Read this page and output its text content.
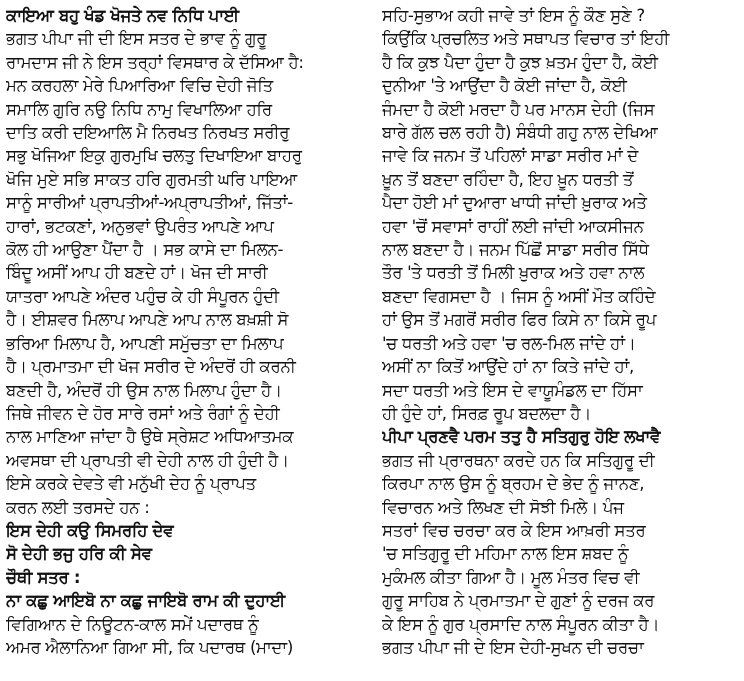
ਕਾਇਆ ਬਹੁ ਖੰਡ ਖੋਜਤੇ ਨਵ ਨਿਧਿ ਪਾਈ
ਭਗਤ ਪੀਪਾ ਜੀ ਦੀ ਇਸ ਸਤਰ ਦੇ ਭਾਵ ਨੂੰ ਗੁਰੂ
ਰਾਮਦਾਸ ਜੀ ਨੇ ਇਸ ਤਰ੍ਹਾਂ ਵਿਸਥਾਰ ਕੇ ਦੱਸਿਆ ਹੈ:
ਮਨ ਕਰਹਲਾ ਮੇਰੇ ਪਿਆਰਿਆ ਵਿਚਿ ਦੇਹੀ ਜੋਤਿ
ਸਮਾਲਿ ਗੁਰਿ ਨਉ ਨਿਧਿ ਨਾਮੁ ਵਿਖਾਲਿਆ ਹਰਿ
ਦਾਤਿ ਕਰੀ ਦਇਆਲਿ ਮੈ ਨਿਰਖਤ ਨਿਰਖਤ ਸਰੀਰੁ
ਸਭੁ ਖੋਜਿਆ ਇਕੁ ਗੁਰਮੁਖਿ ਚਲਤੁ ਦਿਖਾਇਆ ਬਾਹਰੁ
ਖੋਜਿ ਮੁਏ ਸਭਿ ਸਾਕਤ ਹਰਿ ਗੁਰਮਤੀ ਘਰਿ ਪਾਇਆ
ਸਾਨੂੰ ਸਾਰੀਆਂ ਪ੍ਰਾਪਤੀਆਂ-ਅਪ੍ਰਾਪਤੀਆਂ, ਜਿੱਤਾਂ-
ਹਾਰਾਂ, ਭਟਕਣਾਂ, ਅਨੁਭਵਾਂ ਉਪਰੰਤ ਆਪਣੇ ਆਪ
ਕੋਲ ਹੀ ਆਉਣਾ ਪੈਂਦਾ ਹੈ । ਸਭ ਕਾਸੇ ਦਾ ਮਿਲਨ-
ਬਿੰਦੂ ਅਸੀਂ ਆਪ ਹੀ ਬਣਦੇ ਹਾਂ। ਖੋਜ ਦੀ ਸਾਰੀ
ਯਾਤਰਾ ਆਪਣੇ ਅੰਦਰ ਪਹੁੰਚ ਕੇ ਹੀ ਸੰਪੂਰਨ ਹੁੰਦੀ
ਹੈ। ਈਸ਼ਵਰ ਮਿਲਾਪ ਆਪਣੇ ਆਪ ਨਾਲ ਬਖ਼ਸ਼ੀ ਸੋ
ਭਰਿਆ ਮਿਲਾਪ ਹੈ, ਆਪਣੀ ਸਮੁੱਚਤਾ ਦਾ ਮਿਲਾਪ
ਹੈ। ਪ੍ਰਮਾਤਮਾ ਦੀ ਖੋਜ ਸਰੀਰ ਦੇ ਅੰਦਰੋਂ ਹੀ ਕਰਨੀ
ਬਣਦੀ ਹੈ, ਅੰਦਰੋਂ ਹੀ ਉਸ ਨਾਲ ਮਿਲਾਪ ਹੁੰਦਾ ਹੈ।
ਜਿਥੇ ਜੀਵਨ ਦੇ ਹੋਰ ਸਾਰੇ ਰਸਾਂ ਅਤੇ ਰੰਗਾਂ ਨੂੰ ਦੇਹੀ
ਨਾਲ ਮਾਣਿਆ ਜਾਂਦਾ ਹੈ ਉਥੇ ਸ੍ਰੇਸ਼ਟ ਅਧਿਆਤਮਕ
ਅਵਸਥਾ ਦੀ ਪ੍ਰਾਪਤੀ ਵੀ ਦੇਹੀ ਨਾਲ ਹੀ ਹੁੰਦੀ ਹੈ।
ਇਸੇ ਕਰਕੇ ਦੇਵਤੇ ਵੀ ਮਨੁੱਖੀ ਦੇਹ ਨੂੰ ਪ੍ਰਾਪਤ
ਕਰਨ ਲਈ ਤਰਸਦੇ ਹਨ :
ਇਸ ਦੇਹੀ ਕਉ ਸਿਮਰਹਿ ਦੇਵ
ਸੋ ਦੇਹੀ ਭਜੁ ਹਰਿ ਕੀ ਸੇਵ
ਚੌਥੀ ਸਤਰ :
ਨਾ ਕਛੁ ਆਇਬੋ ਨਾ ਕਛੁ ਜਾਇਬੋ ਰਾਮ ਕੀ ਦੁਹਾਈ
ਵਿਗਿਆਨ ਦੇ ਨਿਊਟਨ-ਕਾਲ ਸਮੇਂ ਪਦਾਰਥ ਨੂੰ
ਅਮਰ ਐਲਾਨਿਆ ਗਿਆ ਸੀ, ਕਿ ਪਦਾਰਥ (ਮਾਦਾ)
ਸਹਿ-ਸੁਭਾਅ ਕਹੀ ਜਾਵੇ ਤਾਂ ਇਸ ਨੂੰ ਕੌਣ ਸੁਣੇ ?
ਕਿਉਂਕਿ ਪ੍ਰਚਲਿਤ ਅਤੇ ਸਥਾਪਤ ਵਿਚਾਰ ਤਾਂ ਇਹੀ
ਹੈ ਕਿ ਕੁਝ ਪੈਦਾ ਹੁੰਦਾ ਹੈ ਕੁਝ ਖ਼ਤਮ ਹੁੰਦਾ ਹੈ, ਕੋਈ
ਦੁਨੀਆ 'ਤੇ ਆਉਂਦਾ ਹੈ ਕੋਈ ਜਾਂਦਾ ਹੈ, ਕੋਈ
ਜੰਮਦਾ ਹੈ ਕੋਈ ਮਰਦਾ ਹੈ ਪਰ ਮਾਨਸ ਦੇਹੀ (ਜਿਸ
ਬਾਰੇ ਗੱਲ ਚਲ ਰਹੀ ਹੈ) ਸੰਬੰਧੀ ਗਹੁ ਨਾਲ ਦੇਖਿਆ
ਜਾਵੇ ਕਿ ਜਨਮ ਤੋਂ ਪਹਿਲਾਂ ਸਾਡਾ ਸਰੀਰ ਮਾਂ ਦੇ
ਖ਼ੂਨ ਤੋਂ ਬਣਦਾ ਰਹਿੰਦਾ ਹੈ, ਇਹ ਖ਼ੂਨ ਧਰਤੀ ਤੋਂ
ਪੈਦਾ ਹੋਈ ਮਾਂ ਦੁਆਰਾ ਖਾਧੀ ਜਾਂਦੀ ਖ਼ੁਰਾਕ ਅਤੇ
ਹਵਾ 'ਚੋਂ ਸਵਾਸਾਂ ਰਾਹੀਂ ਲਈ ਜਾਂਦੀ ਆਕਸੀਜਨ
ਨਾਲ ਬਣਦਾ ਹੈ। ਜਨਮ ਪਿੱਛੋਂ ਸਾਡਾ ਸਰੀਰ ਸਿੱਧੇ
ਤੌਰ 'ਤੇ ਧਰਤੀ ਤੋਂ ਮਿਲੀ ਖ਼ੁਰਾਕ ਅਤੇ ਹਵਾ ਨਾਲ
ਬਣਦਾ ਵਿਗਸਦਾ ਹੈ । ਜਿਸ ਨੂੰ ਅਸੀਂ ਮੌਤ ਕਹਿੰਦੇ
ਹਾਂ ਉਸ ਤੋਂ ਮਗਰੋਂ ਸਰੀਰ ਫਿਰ ਕਿਸੇ ਨਾ ਕਿਸੇ ਰੂਪ
'ਚ ਧਰਤੀ ਅਤੇ ਹਵਾ 'ਚ ਰਲ-ਮਿਲ ਜਾਂਦੇ ਹਾਂ।
ਅਸੀਂ ਨਾ ਕਿਤੋਂ ਆਉਂਦੇ ਹਾਂ ਨਾ ਕਿਤੇ ਜਾਂਦੇ ਹਾਂ,
ਸਦਾ ਧਰਤੀ ਅਤੇ ਇਸ ਦੇ ਵਾਯੂਮੰਡਲ ਦਾ ਹਿੱਸਾ
ਹੀ ਹੁੰਦੇ ਹਾਂ, ਸਿਰਫ਼ ਰੂਪ ਬਦਲਦਾ ਹੈ।
ਪੀਪਾ ਪ੍ਰਣਵੈ ਪਰਮ ਤਤੁ ਹੈ ਸਤਿਗੁਰੁ ਹੋਇ ਲਖਾਵੈ
ਭਗਤ ਜੀ ਪ੍ਰਾਰਥਨਾ ਕਰਦੇ ਹਨ ਕਿ ਸਤਿਗੁਰੂ ਦੀ
ਕਿਰਪਾ ਨਾਲ ਉਸ ਨੂੰ ਬ੍ਰਹਮ ਦੇ ਭੇਦ ਨੂੰ ਜਾਨਣ,
ਵਿਚਾਰਨ ਅਤੇ ਲਿਖਣ ਦੀ ਸੋਝੀ ਮਿਲੇ। ਪੰਜ
ਸਤਰਾਂ ਵਿਚ ਚਰਚਾ ਕਰ ਕੇ ਇਸ ਆਖ਼ਰੀ ਸਤਰ
'ਚ ਸਤਿਗੁਰੂ ਦੀ ਮਹਿਮਾ ਨਾਲ ਇਸ ਸ਼ਬਦ ਨੂੰ
ਮੁਕੰਮਲ ਕੀਤਾ ਗਿਆ ਹੈ। ਮੂਲ ਮੰਤਰ ਵਿਚ ਵੀ
ਗੁਰੂ ਸਾਹਿਬ ਨੇ ਪ੍ਰਮਾਤਮਾ ਦੇ ਗੁਣਾਂ ਨੂੰ ਦਰਜ ਕਰ
ਕੇ ਇਸ ਨੂੰ ਗੁਰ ਪ੍ਰਸਾਦਿ ਨਾਲ ਸੰਪੂਰਨ ਕੀਤਾ ਹੈ।
ਭਗਤ ਪੀਪਾ ਜੀ ਦੇ ਇਸ ਦੇਹੀ-ਸੁਖਨ ਦੀ ਚਰਚਾ
